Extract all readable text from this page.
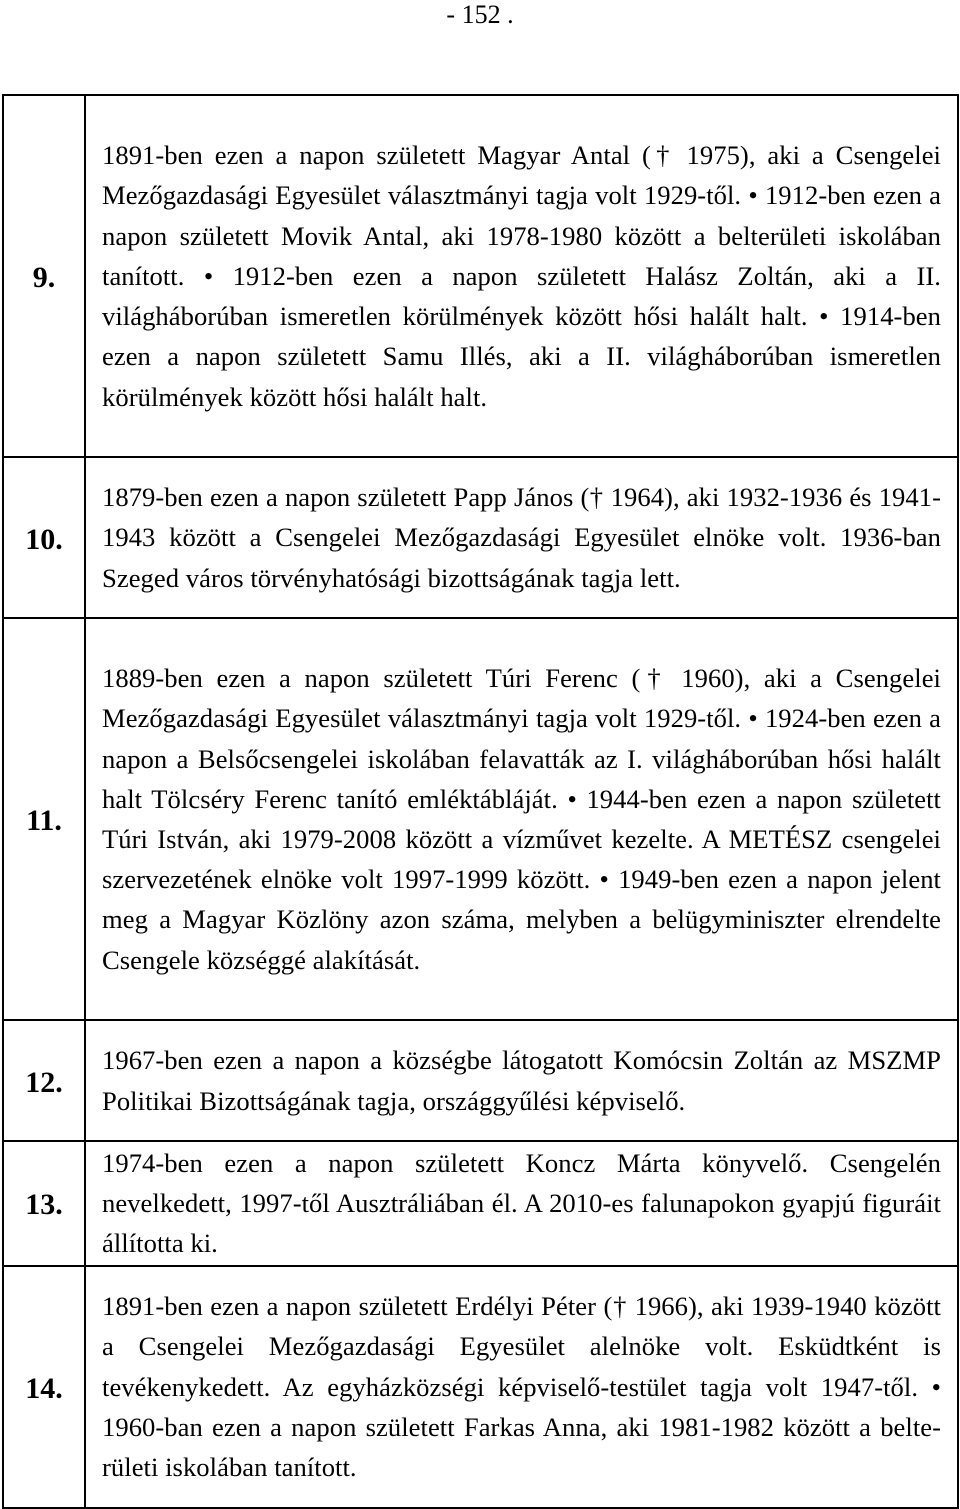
- 152 .
9.	1891-ben ezen a napon született Magyar Antal († 1975), aki a Csengelei Mezőgazdasági Egyesület választmányi tagja volt 1929-től. • 1912-ben ezen a napon született Movik Antal, aki 1978-1980 között a belterületi iskolában tanított. • 1912-ben ezen a napon született Halász Zoltán, aki a II. világháborúban ismeretlen körülmények között hősi halált halt. • 1914-ben ezen a napon született Samu Illés, aki a II. világháborúban ismeretlen körülmények között hősi halált halt.
10.	1879-ben ezen a napon született Papp János († 1964), aki 1932-1936 és 1941-1943 között a Csengelei Mezőgazdasági Egyesület elnöke volt. 1936-ban Szeged város törvényhatósági bizottságának tagja lett.
11.	1889-ben ezen a napon született Túri Ferenc († 1960), aki a Csengelei Mezőgazdasági Egyesület választmányi tagja volt 1929-től. • 1924-ben ezen a napon a Belsőcsengelei iskolában felavatták az I. világháborúban hősi halált halt Tölcséry Ferenc tanító emléktábláját. • 1944-ben ezen a napon született Túri István, aki 1979-2008 között a vízművet kezelte. A METÉSZ csengelei szervezetének elnöke volt 1997-1999 között. • 1949-ben ezen a napon jelent meg a Magyar Közlöny azon száma, melyben a belügyminiszter elrendelte Csengele községgé alakítását.
12.	1967-ben ezen a napon a községbe látogatott Komócsin Zoltán az MSZMP Politikai Bizottságának tagja, országgyűlési képviselő.
13.	1974-ben ezen a napon született Koncz Márta könyvelő. Csengelén nevelkedett, 1997-től Ausztráliában él. A 2010-es falunapokon gyapjú figuráit állította ki.
14.	1891-ben ezen a napon született Erdélyi Péter († 1966), aki 1939-1940 között a Csengelei Mezőgazdasági Egyesület alelnöke volt. Esküdtként is tevékenykedett. Az egyházközségi képviselő-testület tagja volt 1947-től. • 1960-ban ezen a napon született Farkas Anna, aki 1981-1982 között a belterületi iskolában tanított.
